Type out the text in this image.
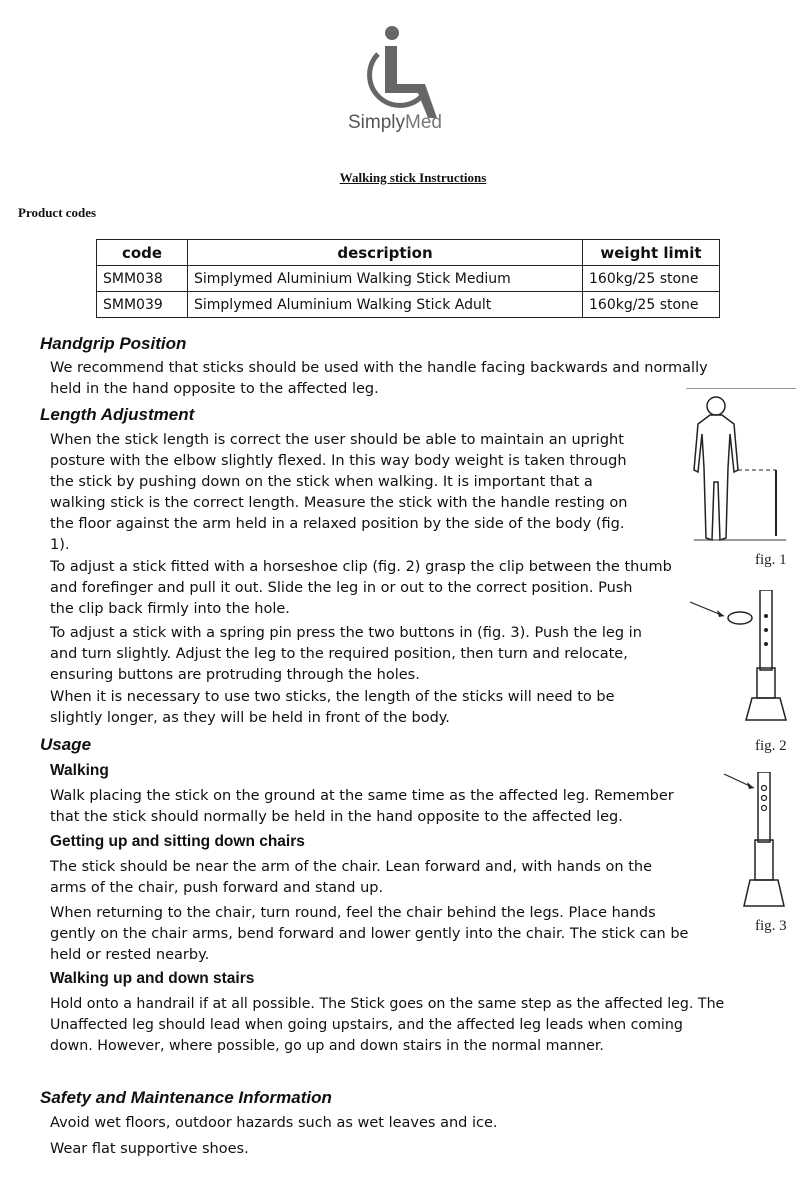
SimplyMed
Walking stick Instructions
Product codes
code	description	weight limit
SMM038	Simplymed Aluminium Walking Stick Medium	160kg/25 stone
SMM039	Simplymed Aluminium Walking Stick Adult	160kg/25 stone
Handgrip Position
We recommend that sticks should be used with the handle facing backwards and normally
held in the hand opposite to the affected leg.
Length Adjustment
When the stick length is correct the user should be able to maintain an upright
posture with the elbow slightly flexed. In this way body weight is taken through
the stick by pushing down on the stick when walking. It is important that a
walking stick is the correct length. Measure the stick with the handle resting on
the floor against the arm held in a relaxed position by the side of the body (fig.
1).
To adjust a stick fitted with a horseshoe clip (fig. 2) grasp the clip between the thumb
and forefinger and pull it out. Slide the leg in or out to the correct position. Push
the clip back firmly into the hole.
To adjust a stick with a spring pin press the two buttons in (fig. 3). Push the leg in
and turn slightly. Adjust the leg to the required position, then turn and relocate,
ensuring buttons are protruding through the holes.
When it is necessary to use two sticks, the length of the sticks will need to be
slightly longer, as they will be held in front of the body.
Usage
Walking
Walk placing the stick on the ground at the same time as the affected leg. Remember
that the stick should normally be held in the hand opposite to the affected leg.
Getting up and sitting down chairs
The stick should be near the arm of the chair. Lean forward and, with hands on the
arms of the chair, push forward and stand up.
When returning to the chair, turn round, feel the chair behind the legs. Place hands
gently on the chair arms, bend forward and lower gently into the chair. The stick can be
held or rested nearby.
Walking up and down stairs
Hold onto a handrail if at all possible. The Stick goes on the same step as the affected leg. The
Unaffected leg should lead when going upstairs, and the affected leg leads when coming
down. However, where possible, go up and down stairs in the normal manner.
Safety and Maintenance Information
Avoid wet floors, outdoor hazards such as wet leaves and ice.
Wear flat supportive shoes.
fig. 1
fig. 2
fig. 3
